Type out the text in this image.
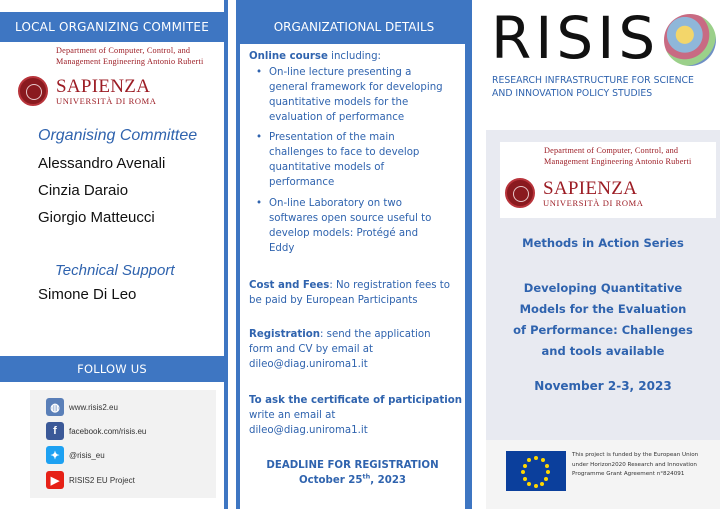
LOCAL ORGANIZING COMMITEE
Department of Computer, Control, and
Management Engineering Antonio Ruberti
SAPIENZA
UNIVERSITÀ DI ROMA
Organising Committee
Alessandro Avenali
Cinzia Daraio
Giorgio Matteucci
Technical Support
Simone Di Leo
FOLLOW US
◍	www.risis2.eu
f	facebook.com/risis.eu
✦	@risis_eu
▶	RISIS2 EU Project
ORGANIZATIONAL DETAILS
Online course including:
• On-line lecture presenting a
general framework for developing
quantitative models for the
evaluation of performance
• Presentation of the main
challenges to face to develop
quantitative models of
performance
• On-line Laboratory on two
softwares open source useful to
develop models: Protégé and
Eddy
Cost and Fees: No registration fees to
be paid by European Participants
Registration: send the application
form and CV by email at
dileo@diag.uniroma1.it
To ask the certificate of participation
write an email at
dileo@diag.uniroma1.it
DEADLINE FOR REGISTRATION
October 25th, 2023
RISIS
RESEARCH INFRASTRUCTURE FOR SCIENCE
AND INNOVATION POLICY STUDIES
Department of Computer, Control, and
Management Engineering Antonio Ruberti
SAPIENZA
UNIVERSITÀ DI ROMA
Methods in Action Series
Developing Quantitative
Models for the Evaluation
of Performance: Challenges
and tools available
November 2-3, 2023
This project is funded by the European Union
under Horizon2020 Research and Innovation
Programme Grant Agreement n°824091
